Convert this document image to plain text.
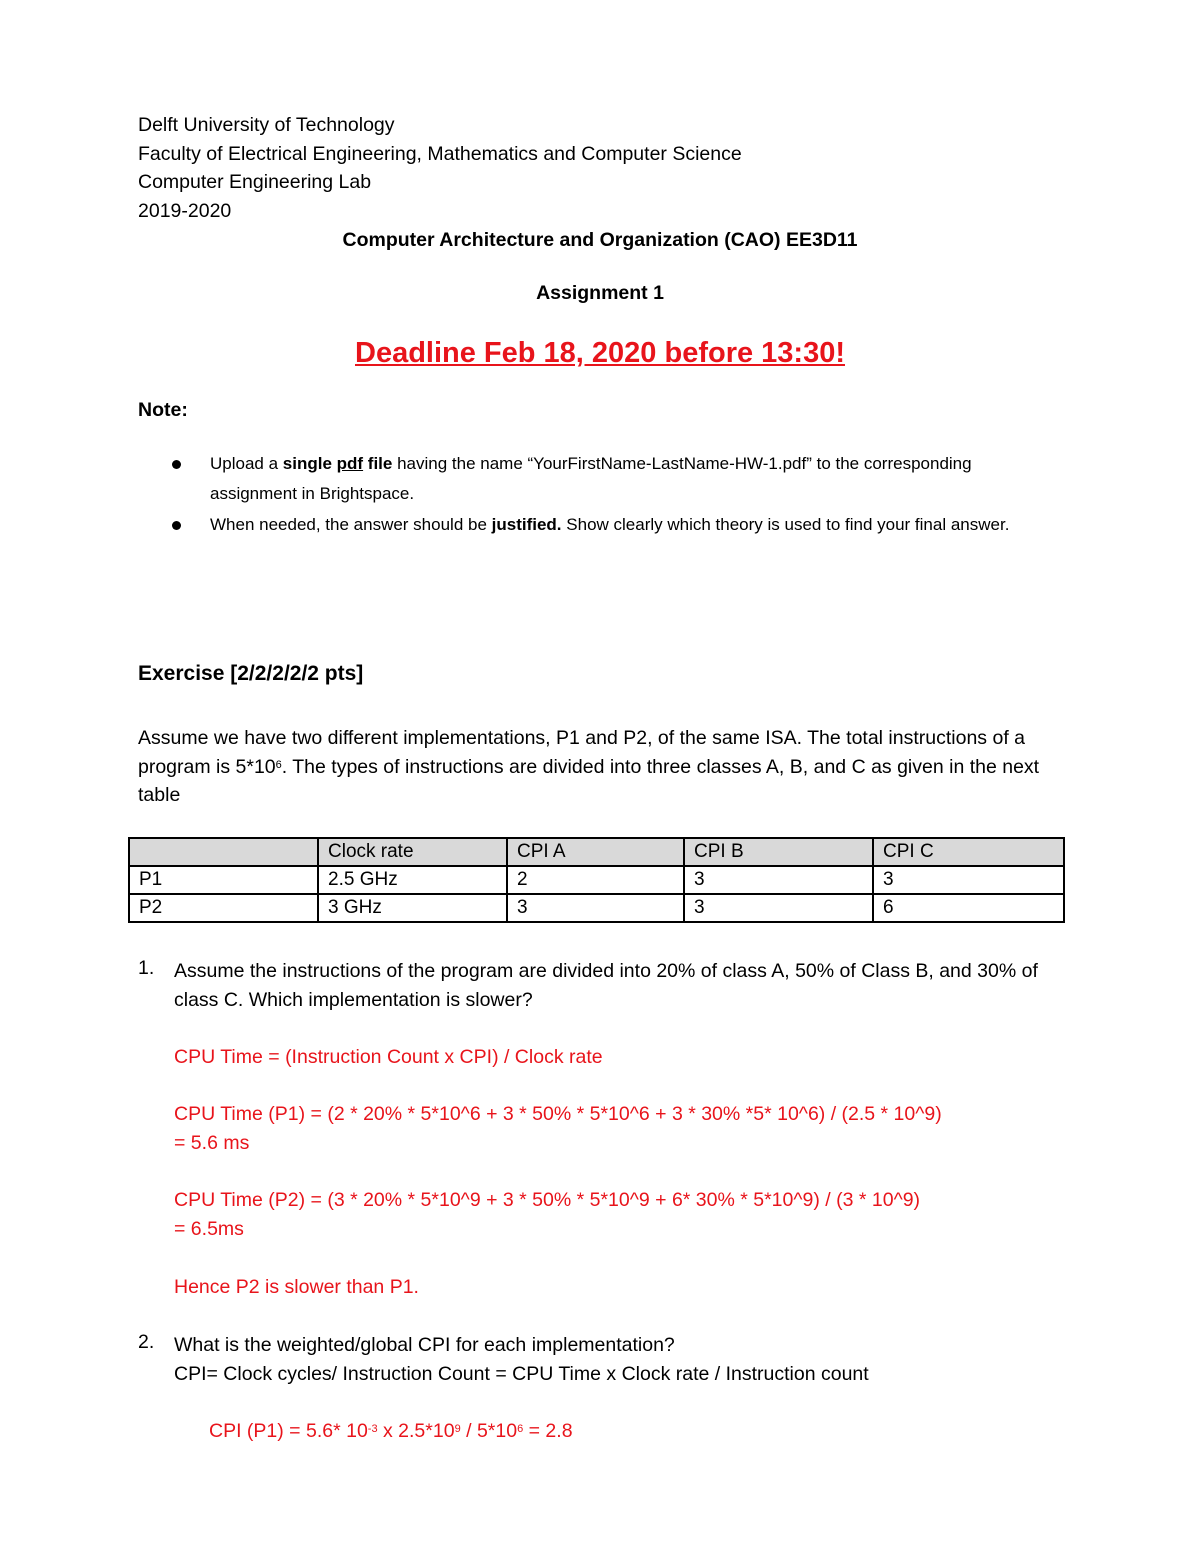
Delft University of Technology
Faculty of Electrical Engineering, Mathematics and Computer Science
Computer Engineering Lab
2019-2020
Computer Architecture and Organization (CAO) EE3D11
Assignment 1
Deadline Feb 18, 2020 before 13:30!
Note:
Upload a single pdf file having the name “YourFirstName-LastName-HW-1.pdf” to the corresponding assignment in Brightspace.
When needed, the answer should be justified. Show clearly which theory is used to find your final answer.
Exercise [2/2/2/2/2 pts]
Assume we have two different implementations, P1 and P2, of the same ISA. The total instructions of a program is $5*10^6$. The types of instructions are divided into three classes A, B, and C as given in the next table
	Clock rate	CPI A	CPI B	CPI C
P1	2.5 GHz	2	3	3
P2	3 GHz	3	3	6
1. Assume the instructions of the program are divided into 20% of class A, 50% of Class B, and 30% of class C. Which implementation is slower?
CPU Time = (Instruction Count x CPI) / Clock rate
CPU Time (P1) = (2 * 20% * 5*10^6 + 3 * 50% * 5*10^6 + 3 * 30% *5* 10^6) / (2.5 * 10^9)
= 5.6 ms
CPU Time (P2) = (3 * 20% * 5*10^9 + 3 * 50% * 5*10^9 + 6* 30% * 5*10^9) / (3 * 10^9)
= 6.5ms
Hence P2 is slower than P1.
2. What is the weighted/global CPI for each implementation?
CPI= Clock cycles/ Instruction Count = CPU Time x Clock rate / Instruction count
CPI (P1) = 5.6* $10^{-3}$ x $2.5*10^9 / 5*10^6 = 2.8$
